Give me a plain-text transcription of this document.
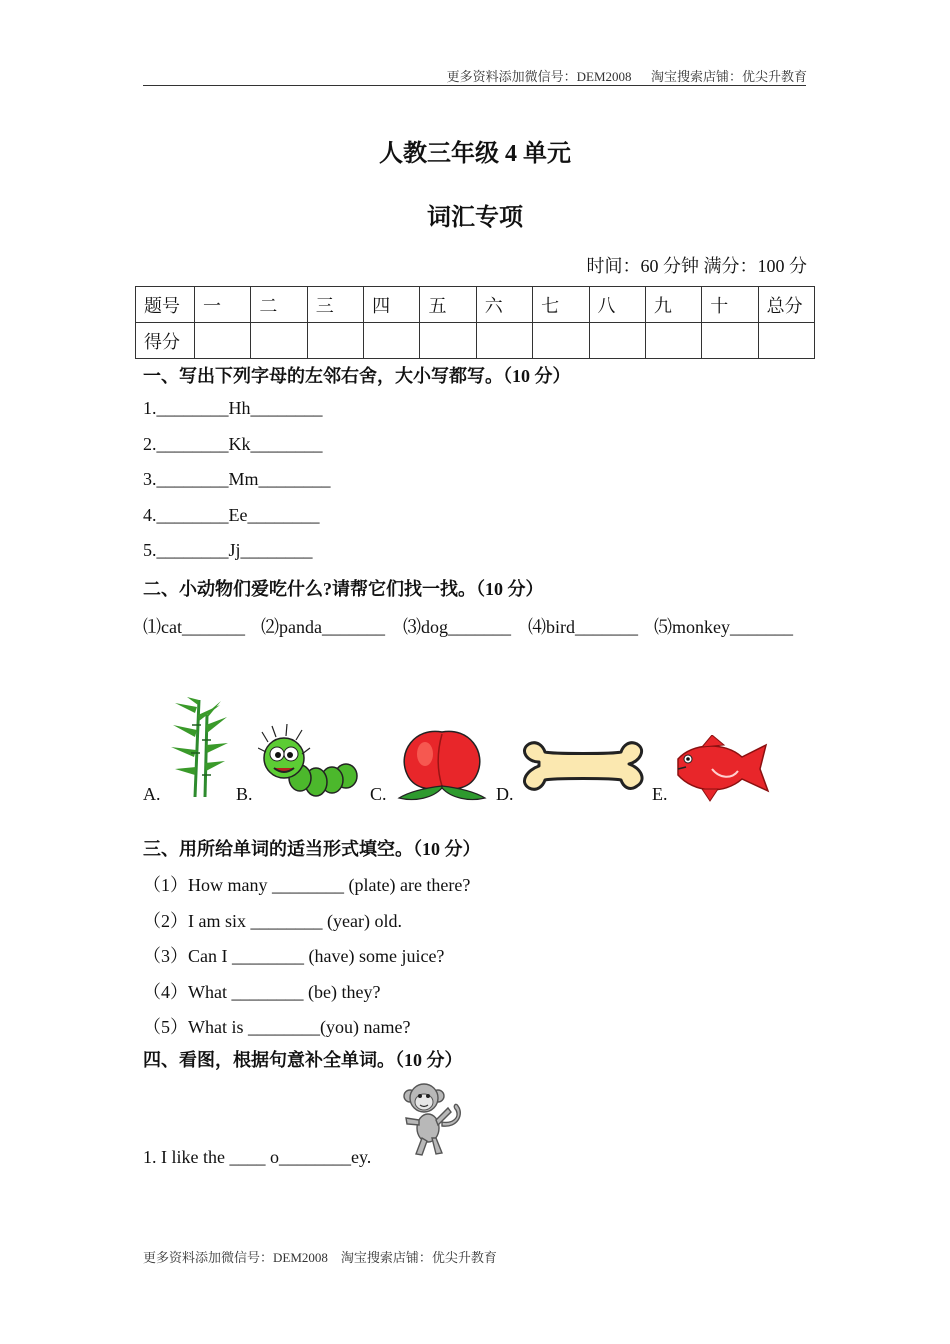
更多资料添加微信号：DEM2008      淘宝搜索店铺：优尖升教育
人教三年级 4 单元
词汇专项
时间：60 分钟 满分：100 分
题号	一	二	三	四	五	六	七	八	九	十	总分
得分											
一、写出下列字母的左邻右舍，大小写都写。（10 分）
1.________Hh________
2.________Kk________
3.________Mm________
4.________Ee________
5.________Jj________
二、小动物们爱吃什么?请帮它们找一找。（10 分）
⑴cat_______ ⑵panda_______ ⑶dog_______ ⑷bird_______ ⑸monkey_______
A.	B.	C.	D.	E.
三、用所给单词的适当形式填空。（10 分）
（1）How many ________ (plate) are there?
（2）I am six ________ (year) old.
（3）Can I ________ (have) some juice?
（4）What ________ (be) they?
（5）What is ________(you) name?
四、看图，根据句意补全单词。（10 分）
1. I like the ____ o________ey.
更多资料添加微信号：DEM2008    淘宝搜索店铺：优尖升教育
